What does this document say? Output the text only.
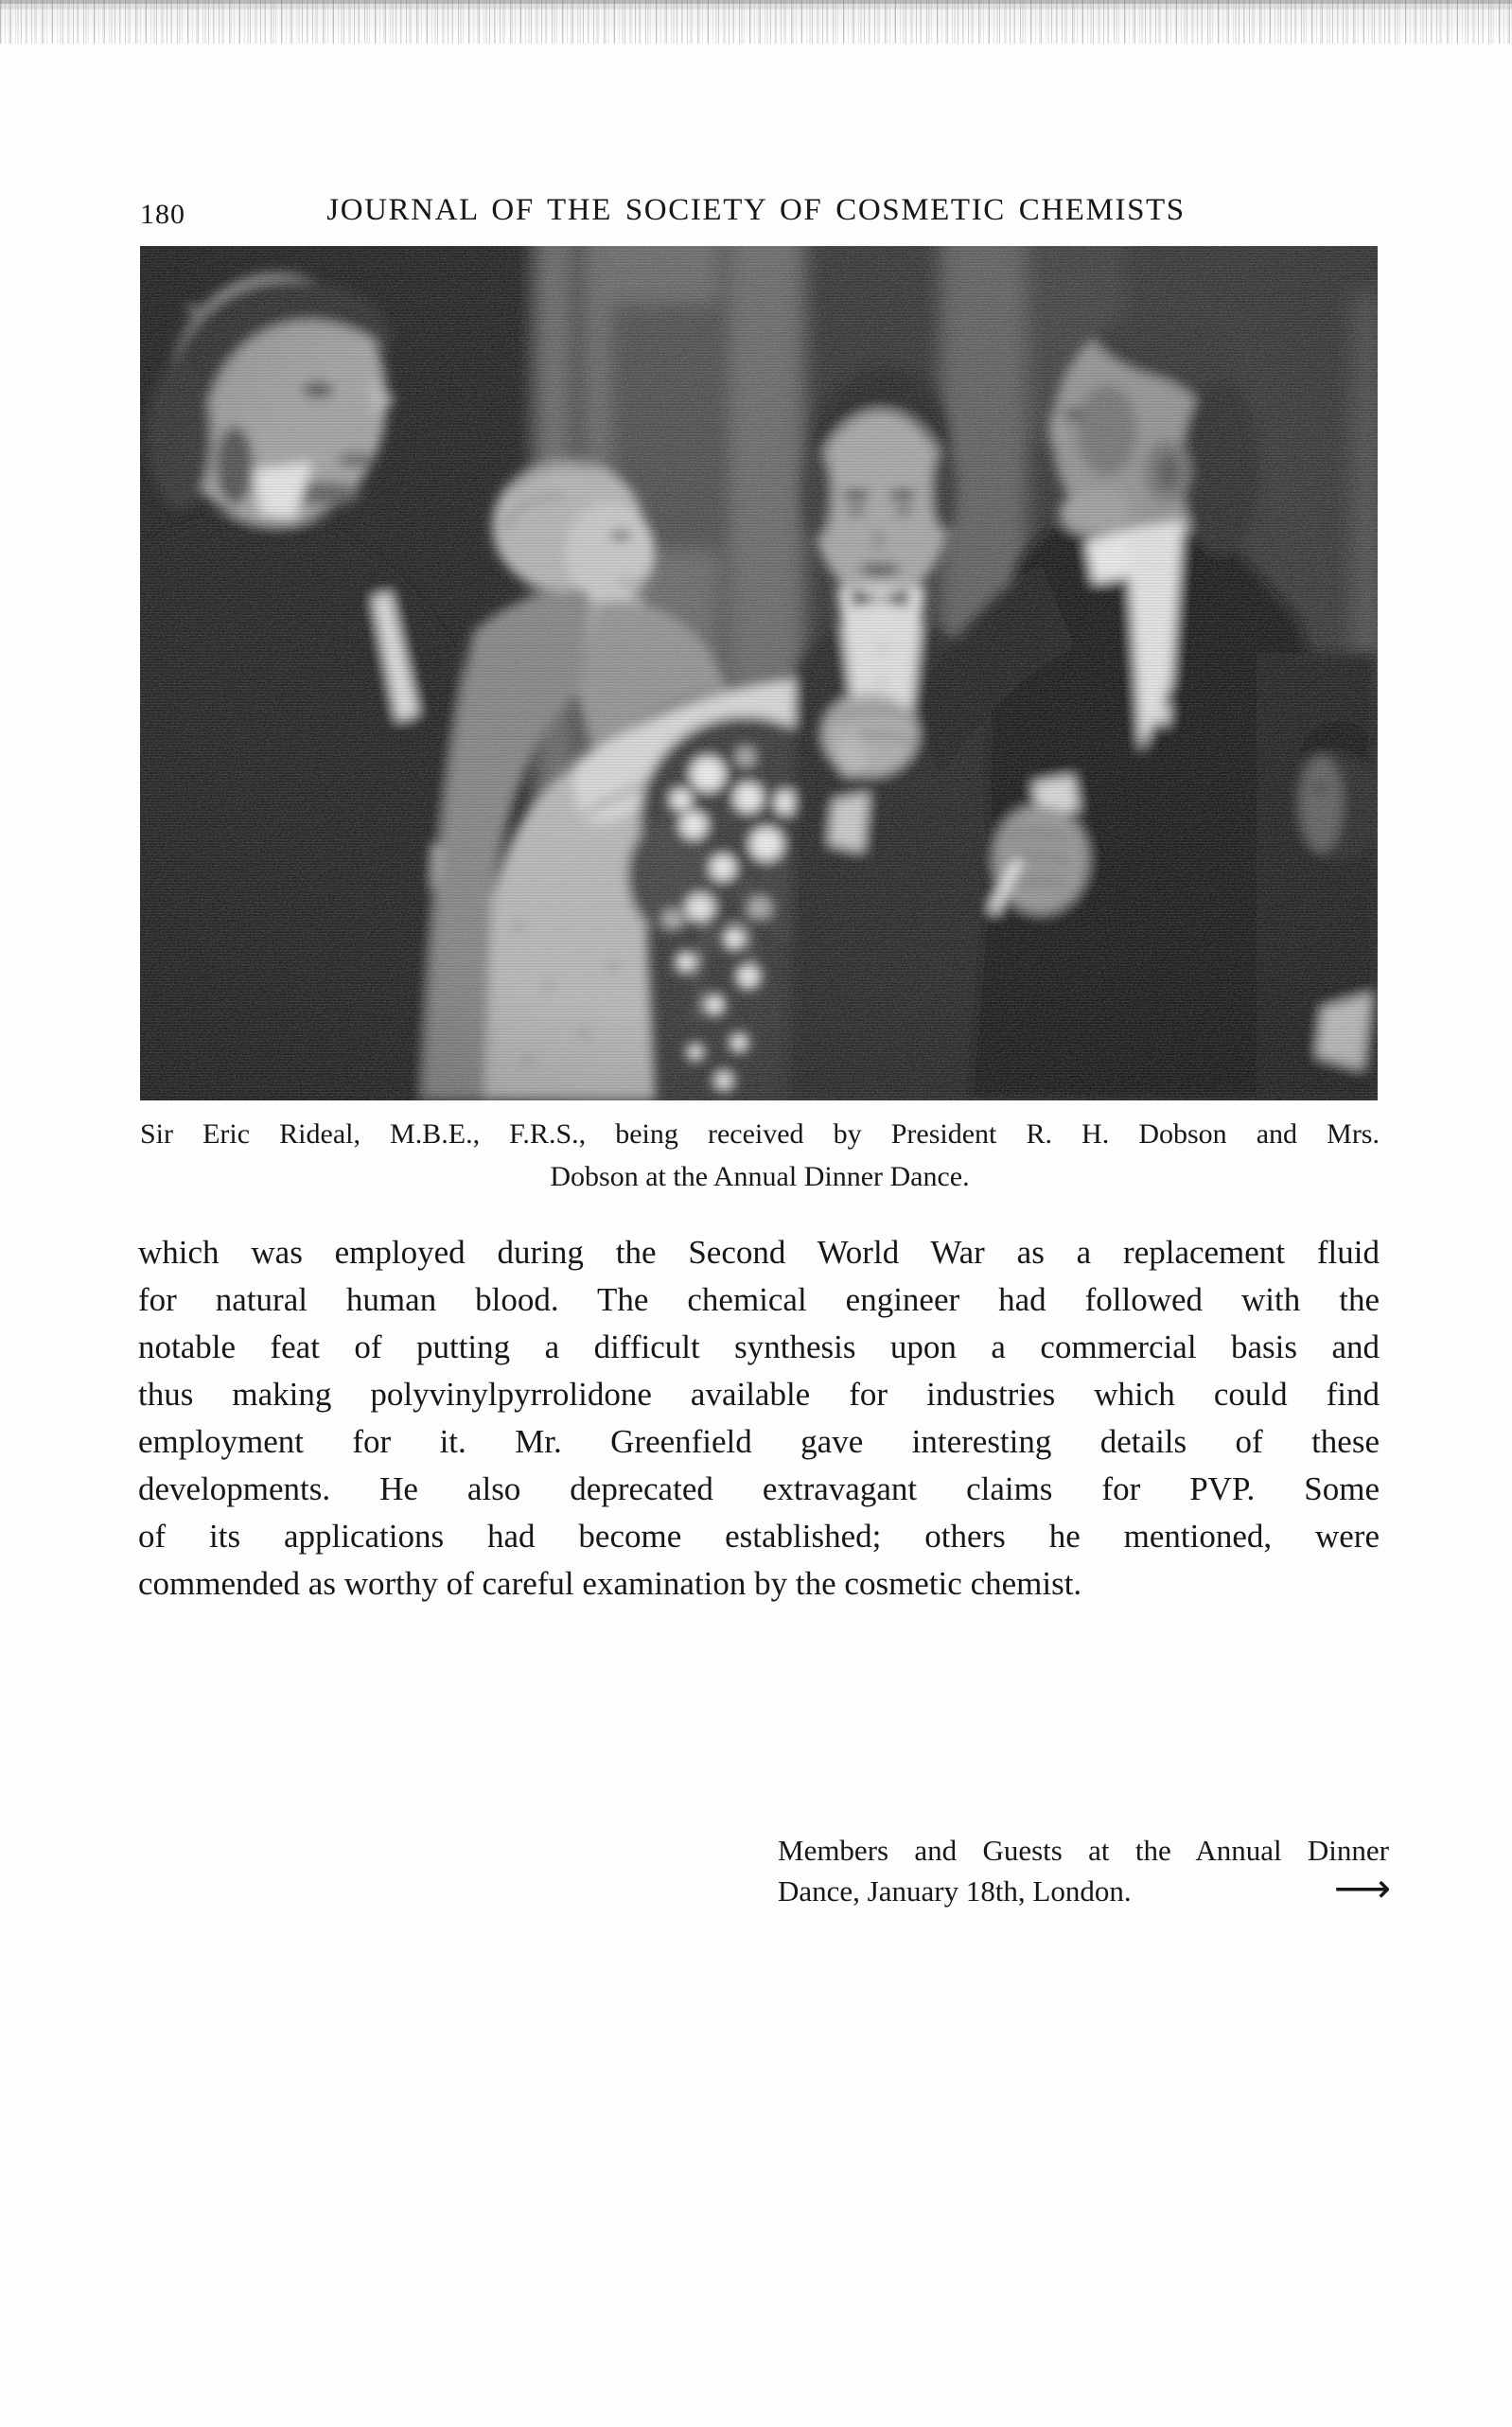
180	JOURNAL OF THE SOCIETY OF COSMETIC CHEMISTS
Sir Eric Rideal, M.B.E., F.R.S., being received by President R. H. Dobson and Mrs.
Dobson at the Annual Dinner Dance.
which was employed during the Second World War as a replacement fluid
for natural human blood. The chemical engineer had followed with the
notable feat of putting a difficult synthesis upon a commercial basis and
thus making polyvinylpyrrolidone available for industries which could find
employment for it. Mr. Greenfield gave interesting details of these
developments. He also deprecated extravagant claims for PVP. Some
of its applications had become established; others he mentioned, were
commended as worthy of careful examination by the cosmetic chemist.
Members and Guests at the Annual Dinner
Dance, January 18th, London.	⟶
